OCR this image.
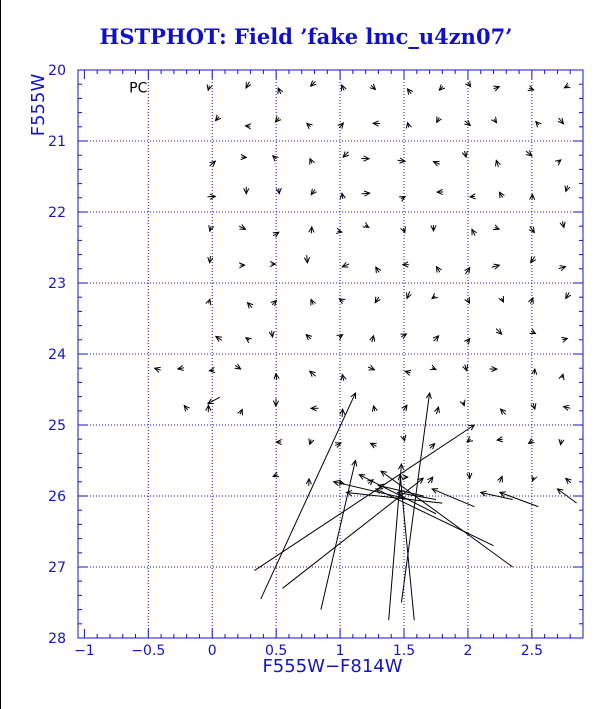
HSTPHOT: Field ’fake lmc_u4zn07’
−1	−0.5	0	0.5	1	1.5	2	2.5
20
21
22
23
24
25
26
27
28
PC
F555W−F814W
F555W
